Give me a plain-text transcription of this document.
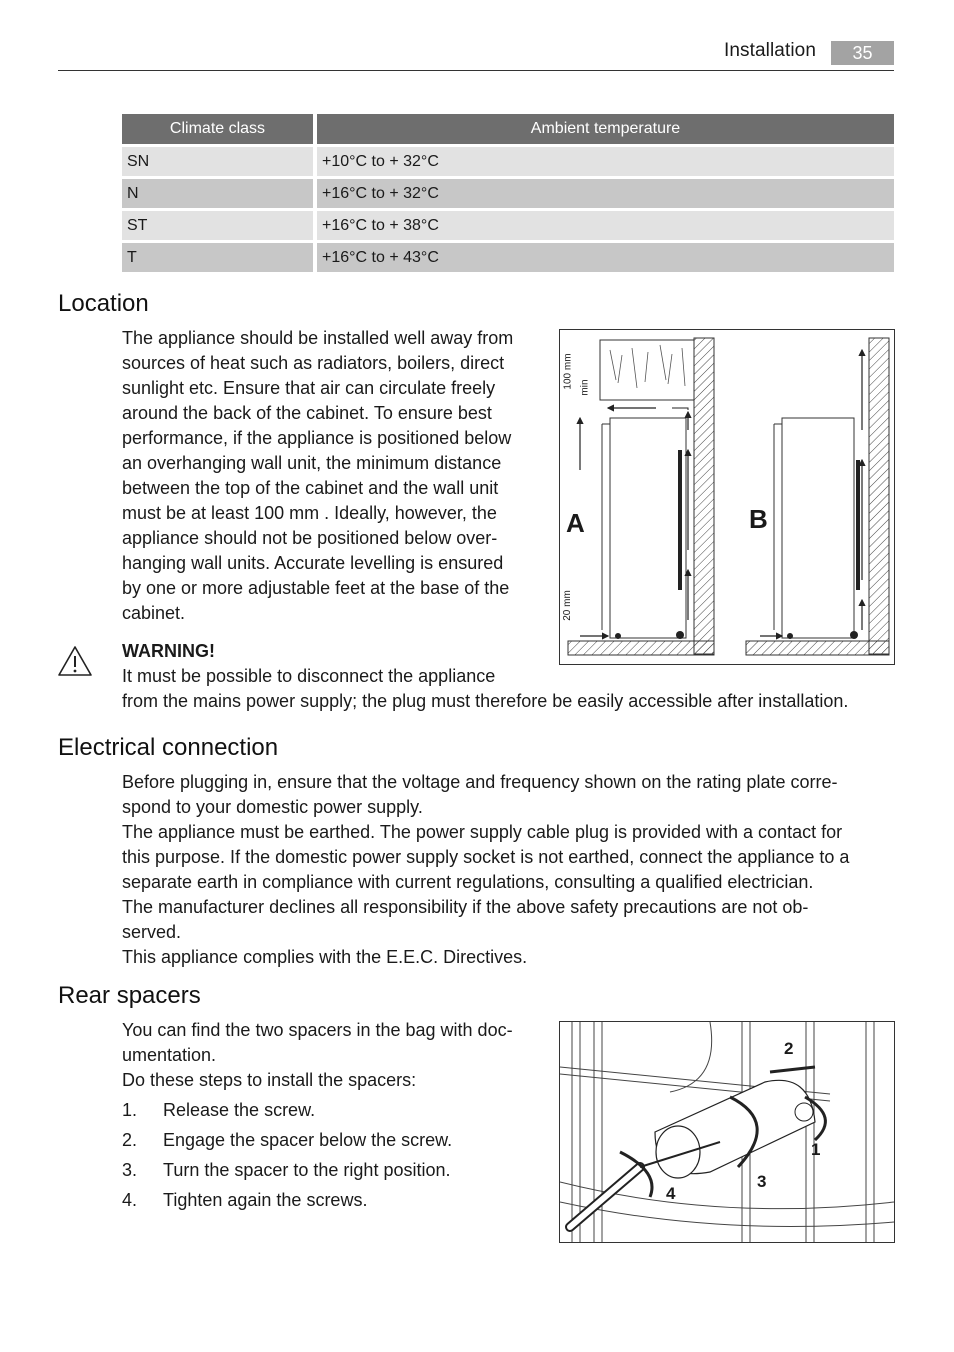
Installation	35
Climate class		Ambient temperature
SN		+10°C to + 32°C
N		+16°C to + 32°C
ST		+16°C to + 38°C
T		+16°C to + 43°C
Location
The appliance should be installed well away from
sources of heat such as radiators, boilers, direct
sunlight etc. Ensure that air can circulate freely
around the back of the cabinet. To ensure best
performance, if the appliance is positioned below
an overhanging wall unit, the minimum distance
between the top of the cabinet and the wall unit
must be at least 100 mm . Ideally, however, the
appliance should not be positioned below over-
hanging wall units. Accurate levelling is ensured
by one or more adjustable feet at the base of the
cabinet.
A	B
100 mm min
20 mm
WARNING!
It must be possible to disconnect the appliance
from the mains power supply; the plug must therefore be easily accessible after installation.
Electrical connection
Before plugging in, ensure that the voltage and frequency shown on the rating plate corre-
spond to your domestic power supply.
The appliance must be earthed. The power supply cable plug is provided with a contact for
this purpose. If the domestic power supply socket is not earthed, connect the appliance to a
separate earth in compliance with current regulations, consulting a qualified electrician.
The manufacturer declines all responsibility if the above safety precautions are not ob-
served.
This appliance complies with the E.E.C. Directives.
Rear spacers
You can find the two spacers in the bag with doc-
umentation.
Do these steps to install the spacers:
1.	Release the screw.
2.	Engage the spacer below the screw.
3.	Turn the spacer to the right position.
4.	Tighten again the screws.
1
2
3
4
